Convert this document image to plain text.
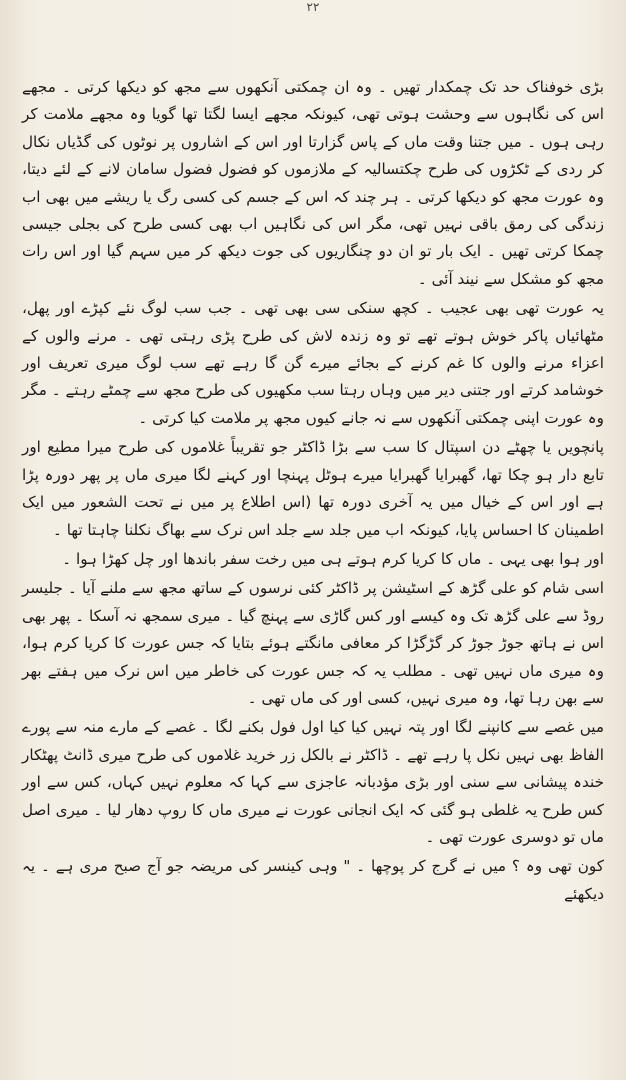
٢٢

بڑی خوفناک حد تک چمکدار تھیں ۔ وہ ان چمکتی آنکھوں سے مجھ کو دیکھا کرتی ۔ مجھے اس کی نگاہوں سے وحشت ہوتی تھی، کیونکہ مجھے ایسا لگتا تھا گویا وہ مجھے ملامت کر رہی ہوں ۔ میں جتنا وقت ماں کے پاس گزارتا اور اس کے اشاروں پر نوٹوں کی گڈیاں نکال کر ردی کے ٹکڑوں کی طرح چکتسالیہ کے ملازموں کو فضول فضول سامان لانے کے لئے دیتا، وہ عورت مجھ کو دیکھا کرتی ۔ ہر چند کہ اس کے جسم کی کسی رگ یا ریشے میں بھی اب زندگی کی رمق باقی نہیں تھی، مگر اس کی نگاہیں اب بھی کسی طرح کی بجلی جیسی چمکا کرتی تھیں ۔ ایک بار تو ان دو چنگاریوں کی جوت دیکھ کر میں سہم گیا اور اس رات مجھ کو مشکل سے نیند آئی ۔

یہ عورت تھی بھی عجیب ۔ کچھ سنکی سی بھی تھی ۔ جب سب لوگ نئے کپڑے اور پھل، مٹھائیاں پاکر خوش ہوتے تھے تو وہ زندہ لاش کی طرح پڑی رہتی تھی ۔ مرنے والوں کے اعزاء مرنے والوں کا غم کرنے کے بجائے میرے گن گا رہے تھے سب لوگ میری تعریف اور خوشامد کرتے اور جتنی دیر میں وہاں رہتا سب مکھیوں کی طرح مجھ سے چمٹے رہتے ۔ مگر وہ عورت اپنی چمکتی آنکھوں سے نہ جانے کیوں مجھ پر ملامت کیا کرتی ۔

پانچویں یا چھٹے دن اسپتال کا سب سے بڑا ڈاکٹر جو تقریباً غلاموں کی طرح میرا مطیع اور تابع دار ہو چکا تھا، گھبرایا گھبرایا میرے ہوٹل پہنچا اور کہنے لگا میری ماں پر پھر دورہ پڑا ہے اور اس کے خیال میں یہ آخری دورہ تھا (اس اطلاع پر میں نے تحت الشعور میں ایک اطمینان کا احساس پایا، کیونکہ اب میں جلد سے جلد اس نرک سے بھاگ نکلنا چاہتا تھا ۔

اور ہوا بھی یہی ۔ ماں کا کریا کرم ہوتے ہی میں رخت سفر باندھا اور چل کھڑا ہوا ۔

اسی شام کو علی گڑھ کے اسٹیشن پر ڈاکٹر کئی نرسوں کے ساتھ مجھ سے ملنے آیا ۔ جلیسر روڈ سے علی گڑھ تک وہ کیسے اور کس گاڑی سے پہنچ گیا ۔ میری سمجھ نہ آسکا ۔ پھر بھی اس نے ہاتھ جوڑ جوڑ کر گڑگڑا کر معافی مانگتے ہوئے بتایا کہ جس عورت کا کریا کرم ہوا، وہ میری ماں نہیں تھی ۔ مطلب یہ کہ جس عورت کی خاطر میں اس نرک میں ہفتے بھر سے بھن رہا تھا، وہ میری نہیں، کسی اور کی ماں تھی ۔

میں غصے سے کانپنے لگا اور پتہ نہیں کیا کیا اول فول بکنے لگا ۔ غصے کے مارے منہ سے پورے الفاظ بھی نہیں نکل پا رہے تھے ۔ ڈاکٹر نے بالکل زر خرید غلاموں کی طرح میری ڈانٹ پھٹکار خندہ پیشانی سے سنی اور بڑی مؤدبانہ عاجزی سے کہا کہ معلوم نہیں کہاں، کس سے اور کس طرح یہ غلطی ہو گئی کہ ایک انجانی عورت نے میری ماں کا روپ دھار لیا ۔ میری اصل ماں تو دوسری عورت تھی ۔

کون تھی وہ ؟ میں نے گرج کر پوچھا ۔ " وہی کینسر کی مریضہ جو آج صبح مری ہے ۔ یہ دیکھئے
